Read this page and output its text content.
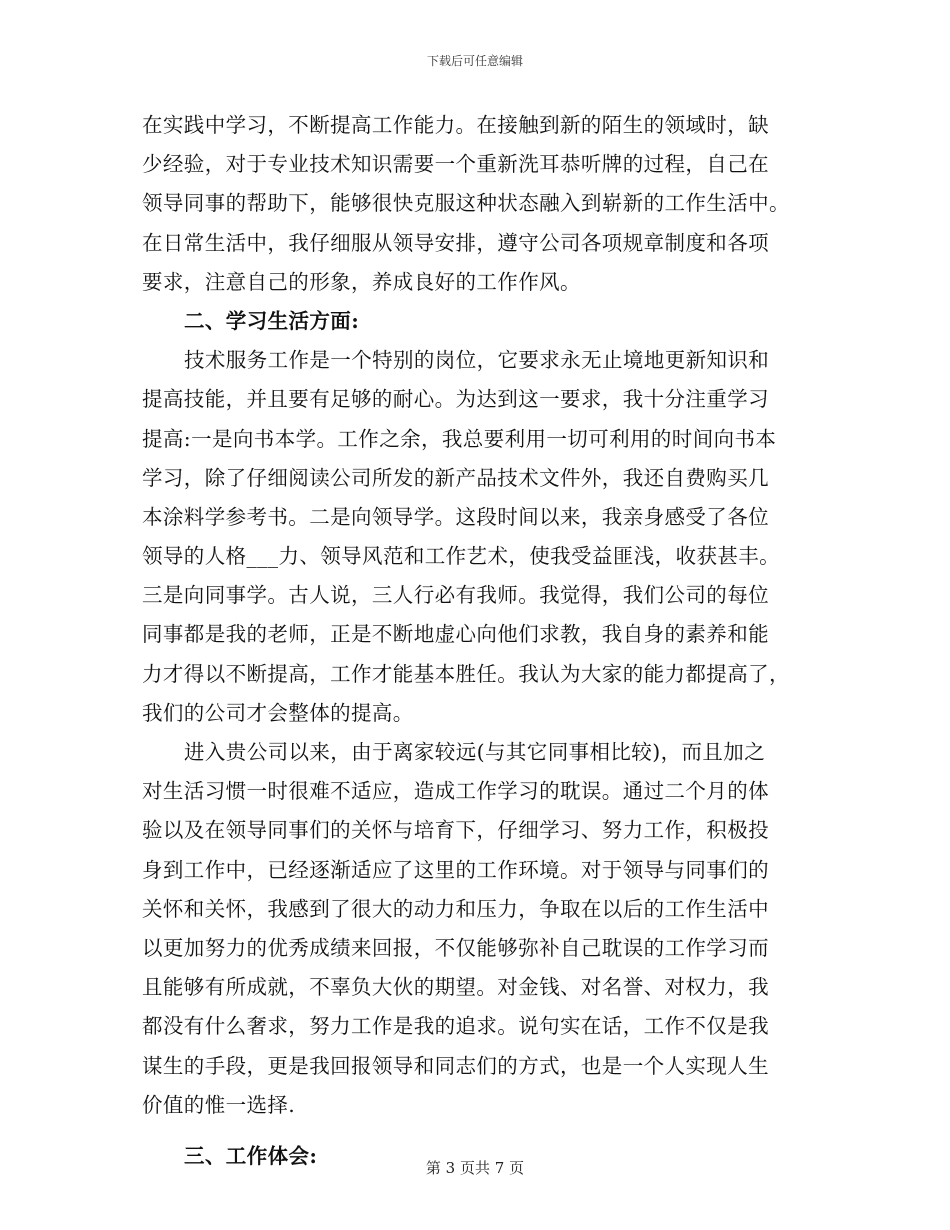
下载后可任意编辑
在实践中学习，不断提高工作能力。在接触到新的陌生的领域时，缺
少经验，对于专业技术知识需要一个重新洗耳恭听牌的过程，自己在
领导同事的帮助下，能够很快克服这种状态融入到崭新的工作生活中。
在日常生活中，我仔细服从领导安排，遵守公司各项规章制度和各项
要求，注意自己的形象，养成良好的工作作风。
二、学习生活方面:
技术服务工作是一个特别的岗位，它要求永无止境地更新知识和
提高技能，并且要有足够的耐心。为达到这一要求，我十分注重学习
提高:一是向书本学。工作之余，我总要利用一切可利用的时间向书本
学习，除了仔细阅读公司所发的新产品技术文件外，我还自费购买几
本涂料学参考书。二是向领导学。这段时间以来，我亲身感受了各位
领导的人格___力、领导风范和工作艺术，使我受益匪浅，收获甚丰。
三是向同事学。古人说，三人行必有我师。我觉得，我们公司的每位
同事都是我的老师，正是不断地虚心向他们求教，我自身的素养和能
力才得以不断提高，工作才能基本胜任。我认为大家的能力都提高了，
我们的公司才会整体的提高。
进入贵公司以来，由于离家较远(与其它同事相比较)，而且加之
对生活习惯一时很难不适应，造成工作学习的耽误。通过二个月的体
验以及在领导同事们的关怀与培育下，仔细学习、努力工作，积极投
身到工作中，已经逐渐适应了这里的工作环境。对于领导与同事们的
关怀和关怀，我感到了很大的动力和压力，争取在以后的工作生活中
以更加努力的优秀成绩来回报，不仅能够弥补自己耽误的工作学习而
且能够有所成就，不辜负大伙的期望。对金钱、对名誉、对权力，我
都没有什么奢求，努力工作是我的追求。说句实在话，工作不仅是我
谋生的手段，更是我回报领导和同志们的方式，也是一个人实现人生
价值的惟一选择.
三、工作体会:
第 3 页共 7 页
